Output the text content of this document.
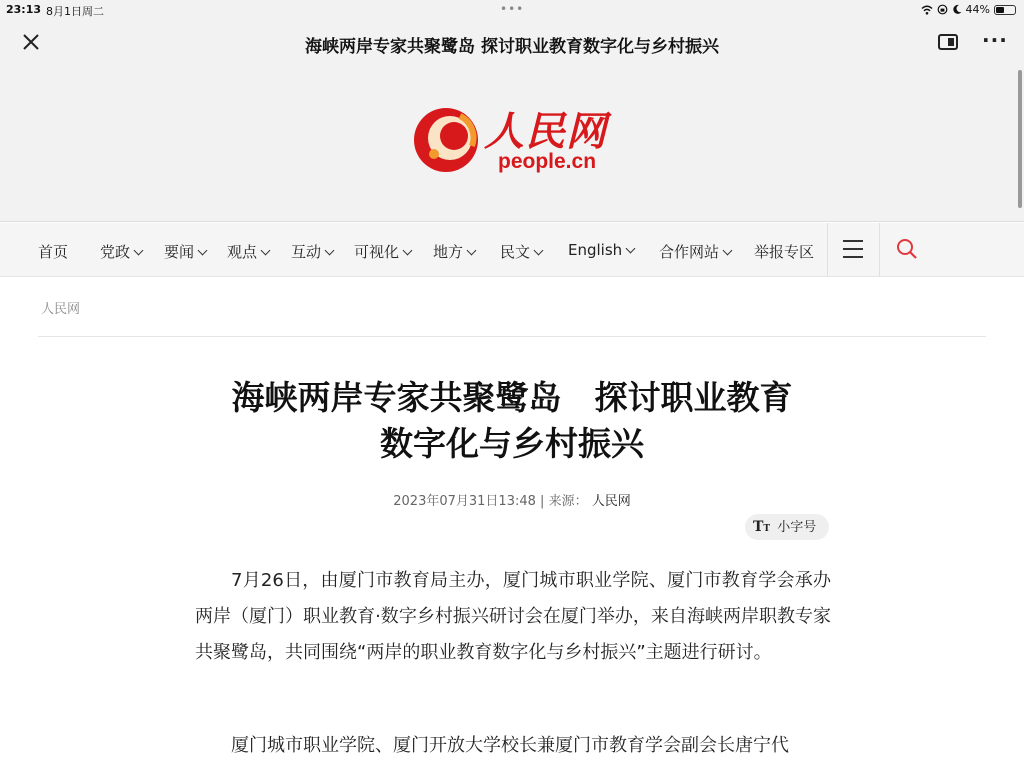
23:13 8月1日周二	•••	44%
海峡两岸专家共聚鹭岛 探讨职业教育数字化与乡村振兴	···
人民网
people.cn
首页 党政	要闻	观点	互动	可视化	地方	民文	English	合作网站	举报专区
人民网
海峡两岸专家共聚鹭岛　探讨职业教育
数字化与乡村振兴
2023年07月31日13:48 | 来源： 人民网
TT 小字号

7月26日，由厦门市教育局主办，厦门城市职业学院、厦门市教育学会承办两岸（厦门）职业教育·数字乡村振兴研讨会在厦门举办，来自海峡两岸职教专家共聚鹭岛，共同围绕“两岸的职业教育数字化与乡村振兴”主题进行研讨。

厦门城市职业学院、厦门开放大学校长兼厦门市教育学会副会长唐宁代
